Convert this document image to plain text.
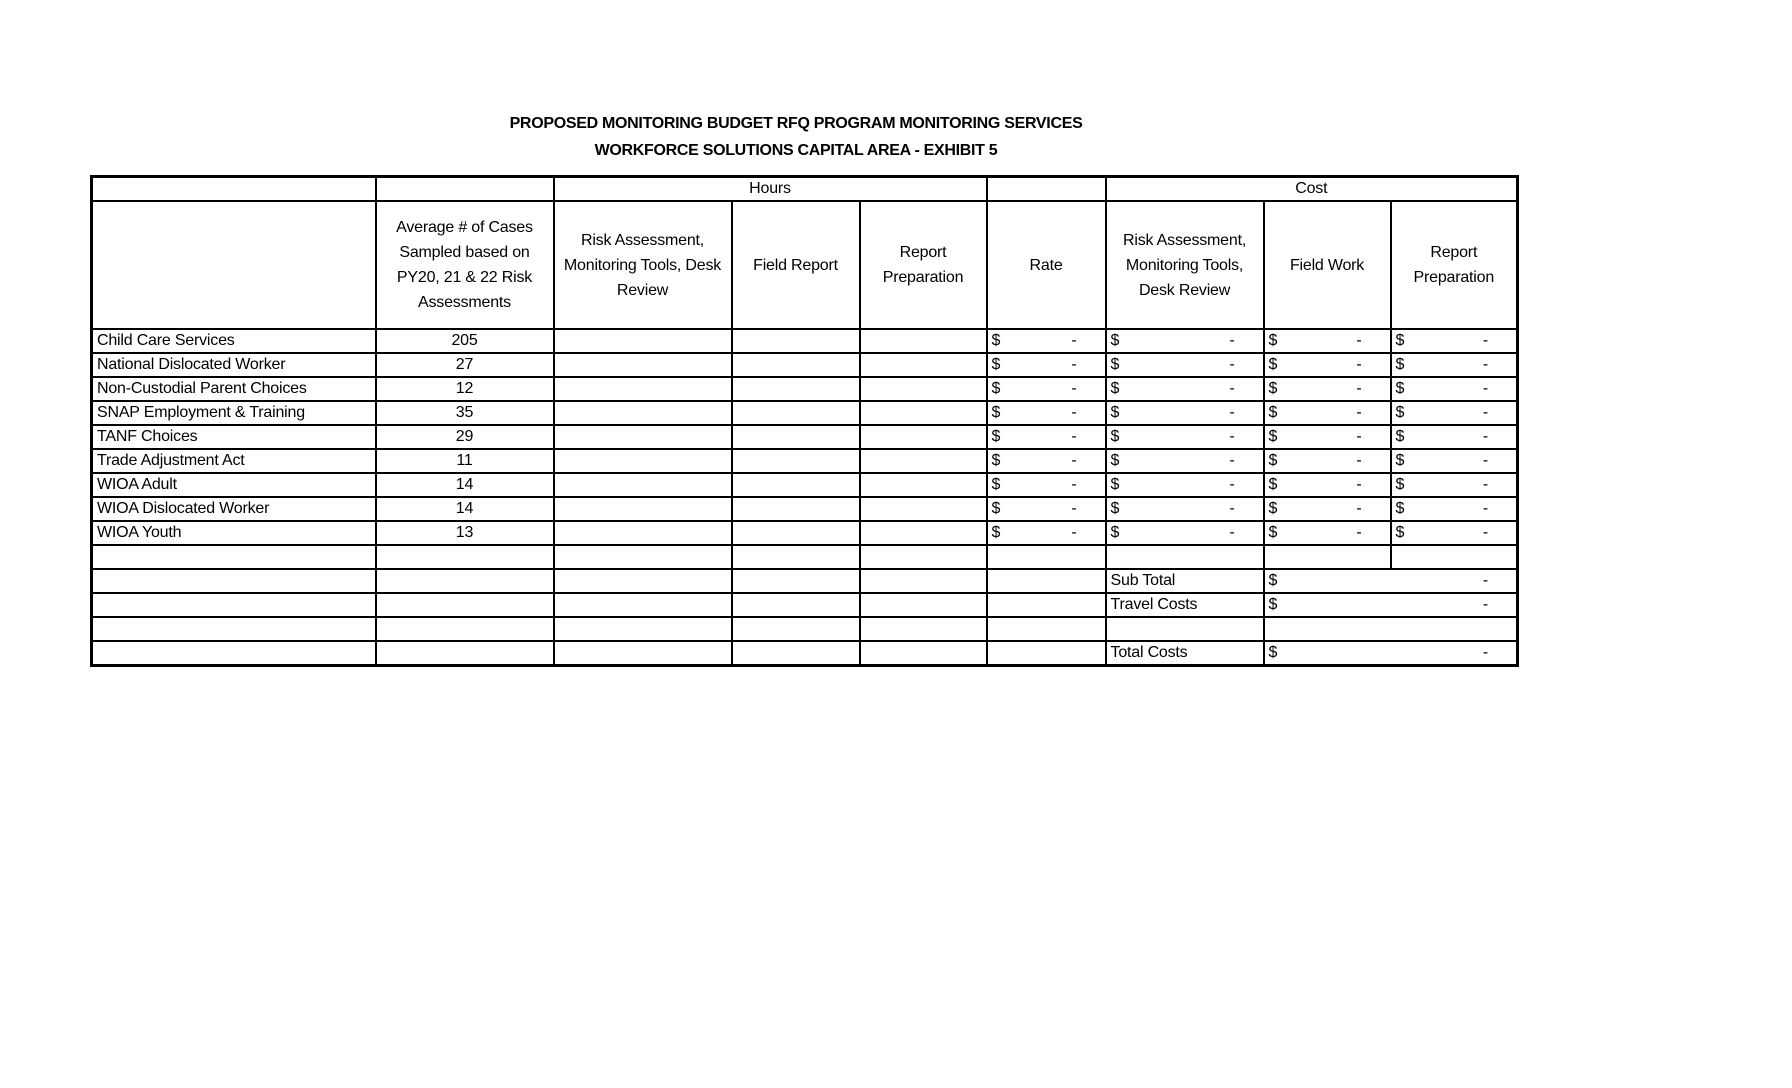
PROPOSED MONITORING BUDGET RFQ PROGRAM MONITORING SERVICES
WORKFORCE SOLUTIONS CAPITAL AREA - EXHIBIT 5
		Hours				Cost		
	Average # of Cases Sampled based on PY20, 21 & 22 Risk Assessments	Risk Assessment, Monitoring Tools, Desk Review	Field Report	Report Preparation	Rate	Risk Assessment, Monitoring Tools, Desk Review	Field Work	Report Preparation
Child Care Services	205				$ -	$ -	$ -	$ -

National Dislocated Worker	27				$ -	$ -	$ -	$ -

Non-Custodial Parent Choices	12				$ -	$ -	$ -	$ -

SNAP Employment & Training	35				$ -	$ -	$ -	$ -

TANF Choices	29				$ -	$ -	$ -	$ -

Trade Adjustment Act	11				$ -	$ -	$ -	$ -

WIOA Adult	14				$ -	$ -	$ -	$ -

WIOA Dislocated Worker	14				$ -	$ -	$ -	$ -

WIOA Youth	13				$ -	$ -	$ -	$ -

						Sub Total	$ -	

						Travel Costs	$ -	

						Total Costs	$ -	
